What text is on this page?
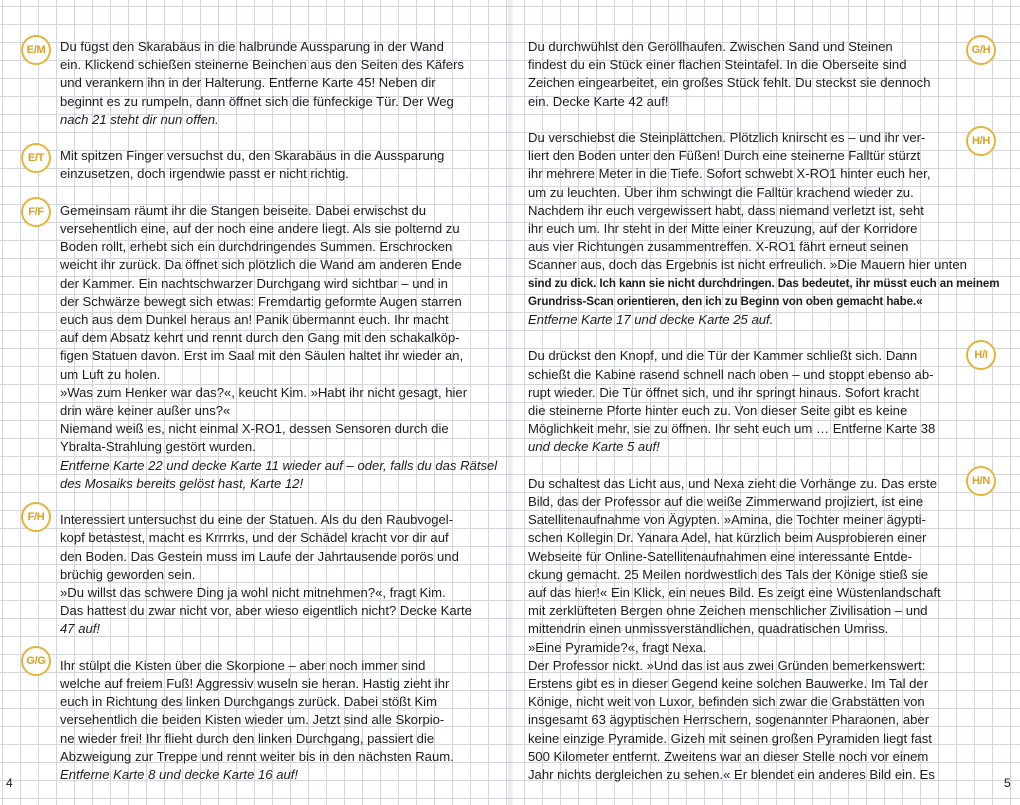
E/M
E/T
F/F
F/H
G/G
G/H
H/H
H/I
H/N

Du fügst den Skarabäus in die halbrunde Aussparung in der Wand
ein. Klickend schießen steinerne Beinchen aus den Seiten des Käfers
und verankern ihn in der Halterung. Entferne Karte 45! Neben dir
beginnt es zu rumpeln, dann öffnet sich die fünfeckige Tür. Der Weg
nach 21 steht dir nun offen.

Mit spitzen Finger versuchst du, den Skarabäus in die Aussparung
einzusetzen, doch irgendwie passt er nicht richtig.

Gemeinsam räumt ihr die Stangen beiseite. Dabei erwischst du
versehentlich eine, auf der noch eine andere liegt. Als sie polternd zu
Boden rollt, erhebt sich ein durchdringendes Summen. Erschrocken
weicht ihr zurück. Da öffnet sich plötzlich die Wand am anderen Ende
der Kammer. Ein nachtschwarzer Durchgang wird sichtbar – und in
der Schwärze bewegt sich etwas: Fremdartig geformte Augen starren
euch aus dem Dunkel heraus an! Panik übermannt euch. Ihr macht
auf dem Absatz kehrt und rennt durch den Gang mit den schakalköp-
figen Statuen davon. Erst im Saal mit den Säulen haltet ihr wieder an,
um Luft zu holen.
»Was zum Henker war das?«, keucht Kim. »Habt ihr nicht gesagt, hier
drin wäre keiner außer uns?«
Niemand weiß es, nicht einmal X-RO1, dessen Sensoren durch die
Ybralta-Strahlung gestört wurden.
Entferne Karte 22 und decke Karte 11 wieder auf – oder, falls du das Rätsel
des Mosaiks bereits gelöst hast, Karte 12!

Interessiert untersuchst du eine der Statuen. Als du den Raubvogel-
kopf betastest, macht es Krrrrks, und der Schädel kracht vor dir auf
den Boden. Das Gestein muss im Laufe der Jahrtausende porös und
brüchig geworden sein.
»Du willst das schwere Ding ja wohl nicht mitnehmen?«, fragt Kim.
Das hattest du zwar nicht vor, aber wieso eigentlich nicht? Decke Karte
47 auf!

Ihr stülpt die Kisten über die Skorpione – aber noch immer sind
welche auf freiem Fuß! Aggressiv wuseln sie heran. Hastig zieht ihr
euch in Richtung des linken Durchgangs zurück. Dabei stößt Kim
versehentlich die beiden Kisten wieder um. Jetzt sind alle Skorpio-
ne wieder frei! Ihr flieht durch den linken Durchgang, passiert die
Abzweigung zur Treppe und rennt weiter bis in den nächsten Raum.
Entferne Karte 8 und decke Karte 16 auf!

Du durchwühlst den Geröllhaufen. Zwischen Sand und Steinen
findest du ein Stück einer flachen Steintafel. In die Oberseite sind
Zeichen eingearbeitet, ein großes Stück fehlt. Du steckst sie dennoch
ein. Decke Karte 42 auf!

Du verschiebst die Steinplättchen. Plötzlich knirscht es – und ihr ver-
liert den Boden unter den Füßen! Durch eine steinerne Falltür stürzt
ihr mehrere Meter in die Tiefe. Sofort schwebt X-RO1 hinter euch her,
um zu leuchten. Über ihm schwingt die Falltür krachend wieder zu.
Nachdem ihr euch vergewissert habt, dass niemand verletzt ist, seht
ihr euch um. Ihr steht in der Mitte einer Kreuzung, auf der Korridore
aus vier Richtungen zusammentreffen. X-RO1 fährt erneut seinen
Scanner aus, doch das Ergebnis ist nicht erfreulich. »Die Mauern hier unten
sind zu dick. Ich kann sie nicht durchdringen. Das bedeutet, ihr müsst euch an meinem
Grundriss-Scan orientieren, den ich zu Beginn von oben gemacht habe.«
Entferne Karte 17 und decke Karte 25 auf.

Du drückst den Knopf, und die Tür der Kammer schließt sich. Dann
schießt die Kabine rasend schnell nach oben – und stoppt ebenso ab-
rupt wieder. Die Tür öffnet sich, und ihr springt hinaus. Sofort kracht
die steinerne Pforte hinter euch zu. Von dieser Seite gibt es keine
Möglichkeit mehr, sie zu öffnen. Ihr seht euch um … Entferne Karte 38
und decke Karte 5 auf!

Du schaltest das Licht aus, und Nexa zieht die Vorhänge zu. Das erste
Bild, das der Professor auf die weiße Zimmerwand projiziert, ist eine
Satellitenaufnahme von Ägypten. »Amina, die Tochter meiner ägypti-
schen Kollegin Dr. Yanara Adel, hat kürzlich beim Ausprobieren einer
Webseite für Online-Satellitenaufnahmen eine interessante Entde-
ckung gemacht. 25 Meilen nordwestlich des Tals der Könige stieß sie
auf das hier!« Ein Klick, ein neues Bild. Es zeigt eine Wüstenlandschaft
mit zerklüfteten Bergen ohne Zeichen menschlicher Zivilisation – und
mittendrin einen unmissverständlichen, quadratischen Umriss.
»Eine Pyramide?«, fragt Nexa.
Der Professor nickt. »Und das ist aus zwei Gründen bemerkenswert:
Erstens gibt es in dieser Gegend keine solchen Bauwerke. Im Tal der
Könige, nicht weit von Luxor, befinden sich zwar die Grabstätten von
insgesamt 63 ägyptischen Herrschern, sogenannter Pharaonen, aber
keine einzige Pyramide. Gizeh mit seinen großen Pyramiden liegt fast
500 Kilometer entfernt. Zweitens war an dieser Stelle noch vor einem
Jahr nichts dergleichen zu sehen.« Er blendet ein anderes Bild ein. Es

4	5
